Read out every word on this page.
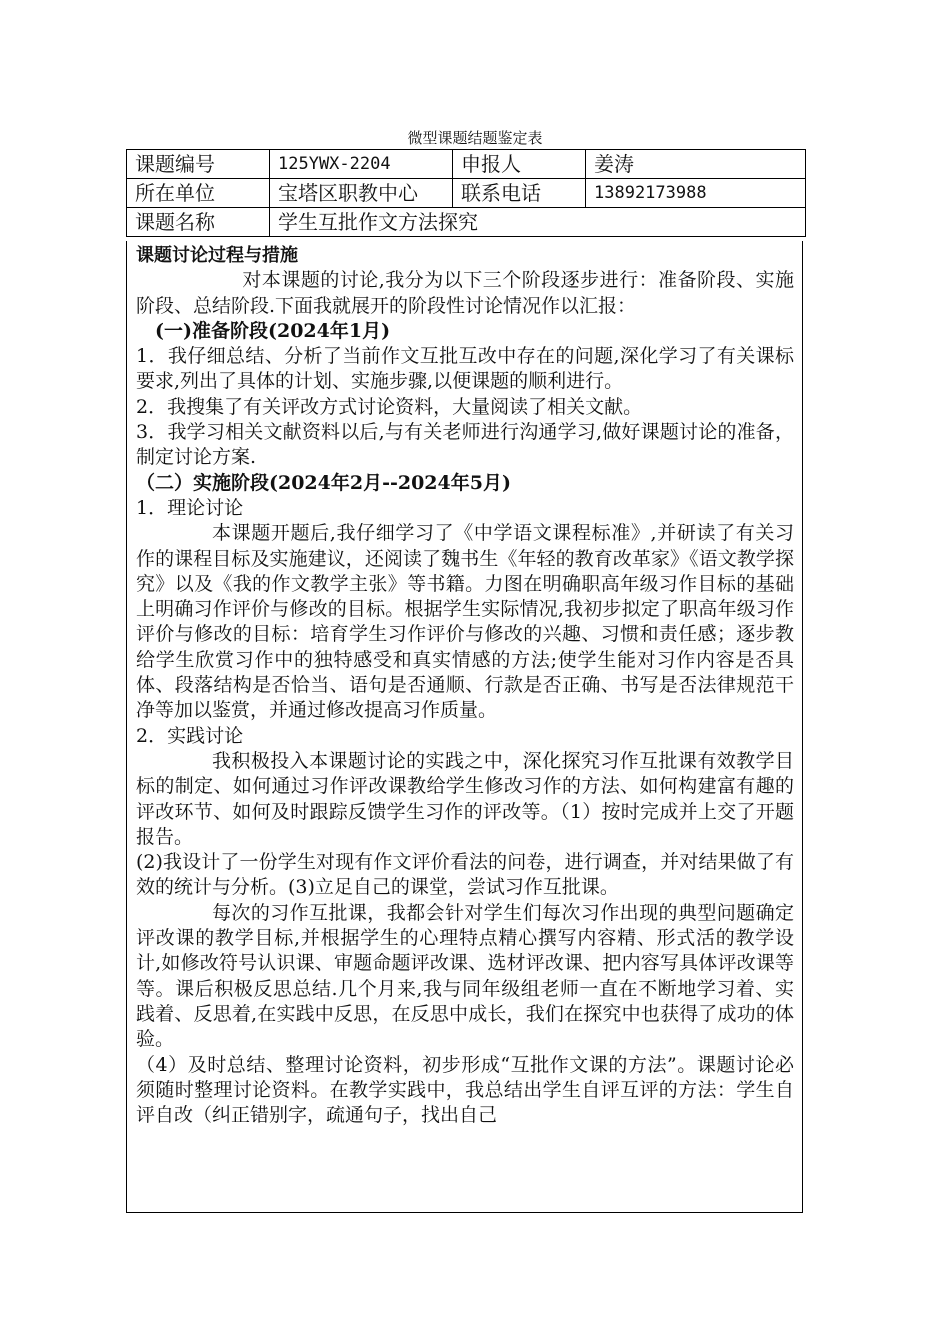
微型课题结题鉴定表
课题编号	125YWX-2204	申报人	姜涛
所在单位	宝塔区职教中心	联系电话	13892173988
课题名称	学生互批作文方法探究		

课题讨论过程与措施

对本课题的讨论,我分为以下三个阶段逐步进行：准备阶段、实施阶段、总结阶段.下面我就展开的阶段性讨论情况作以汇报：

(一)准备阶段(2024年1月)

1．我仔细总结、分析了当前作文互批互改中存在的问题,深化学习了有关课标要求,列出了具体的计划、实施步骤,以便课题的顺利进行。

2．我搜集了有关评改方式讨论资料，大量阅读了相关文献。

3．我学习相关文献资料以后,与有关老师进行沟通学习,做好课题讨论的准备，制定讨论方案.

（二）实施阶段(2024年2月--2024年5月)

1．理论讨论

本课题开题后,我仔细学习了《中学语文课程标准》,并研读了有关习作的课程目标及实施建议，还阅读了魏书生《年轻的教育改革家》《语文教学探究》以及《我的作文教学主张》等书籍。力图在明确职高年级习作目标的基础上明确习作评价与修改的目标。根据学生实际情况,我初步拟定了职高年级习作评价与修改的目标：培育学生习作评价与修改的兴趣、习惯和责任感；逐步教给学生欣赏习作中的独特感受和真实情感的方法;使学生能对习作内容是否具体、段落结构是否恰当、语句是否通顺、行款是否正确、书写是否法律规范干净等加以鉴赏，并通过修改提高习作质量。

2．实践讨论

我积极投入本课题讨论的实践之中，深化探究习作互批课有效教学目标的制定、如何通过习作评改课教给学生修改习作的方法、如何构建富有趣的评改环节、如何及时跟踪反馈学生习作的评改等。（1）按时完成并上交了开题报告。

(2)我设计了一份学生对现有作文评价看法的问卷，进行调查，并对结果做了有效的统计与分析。(3)立足自己的课堂，尝试习作互批课。

每次的习作互批课，我都会针对学生们每次习作出现的典型问题确定评改课的教学目标,并根据学生的心理特点精心撰写内容精、形式活的教学设计,如修改符号认识课、审题命题评改课、选材评改课、把内容写具体评改课等等。课后积极反思总结.几个月来,我与同年级组老师一直在不断地学习着、实践着、反思着,在实践中反思，在反思中成长，我们在探究中也获得了成功的体验。

（4）及时总结、整理讨论资料，初步形成“互批作文课的方法”。课题讨论必须随时整理讨论资料。在教学实践中，我总结出学生自评互评的方法：学生自评自改（纠正错别字，疏通句子，找出自己
